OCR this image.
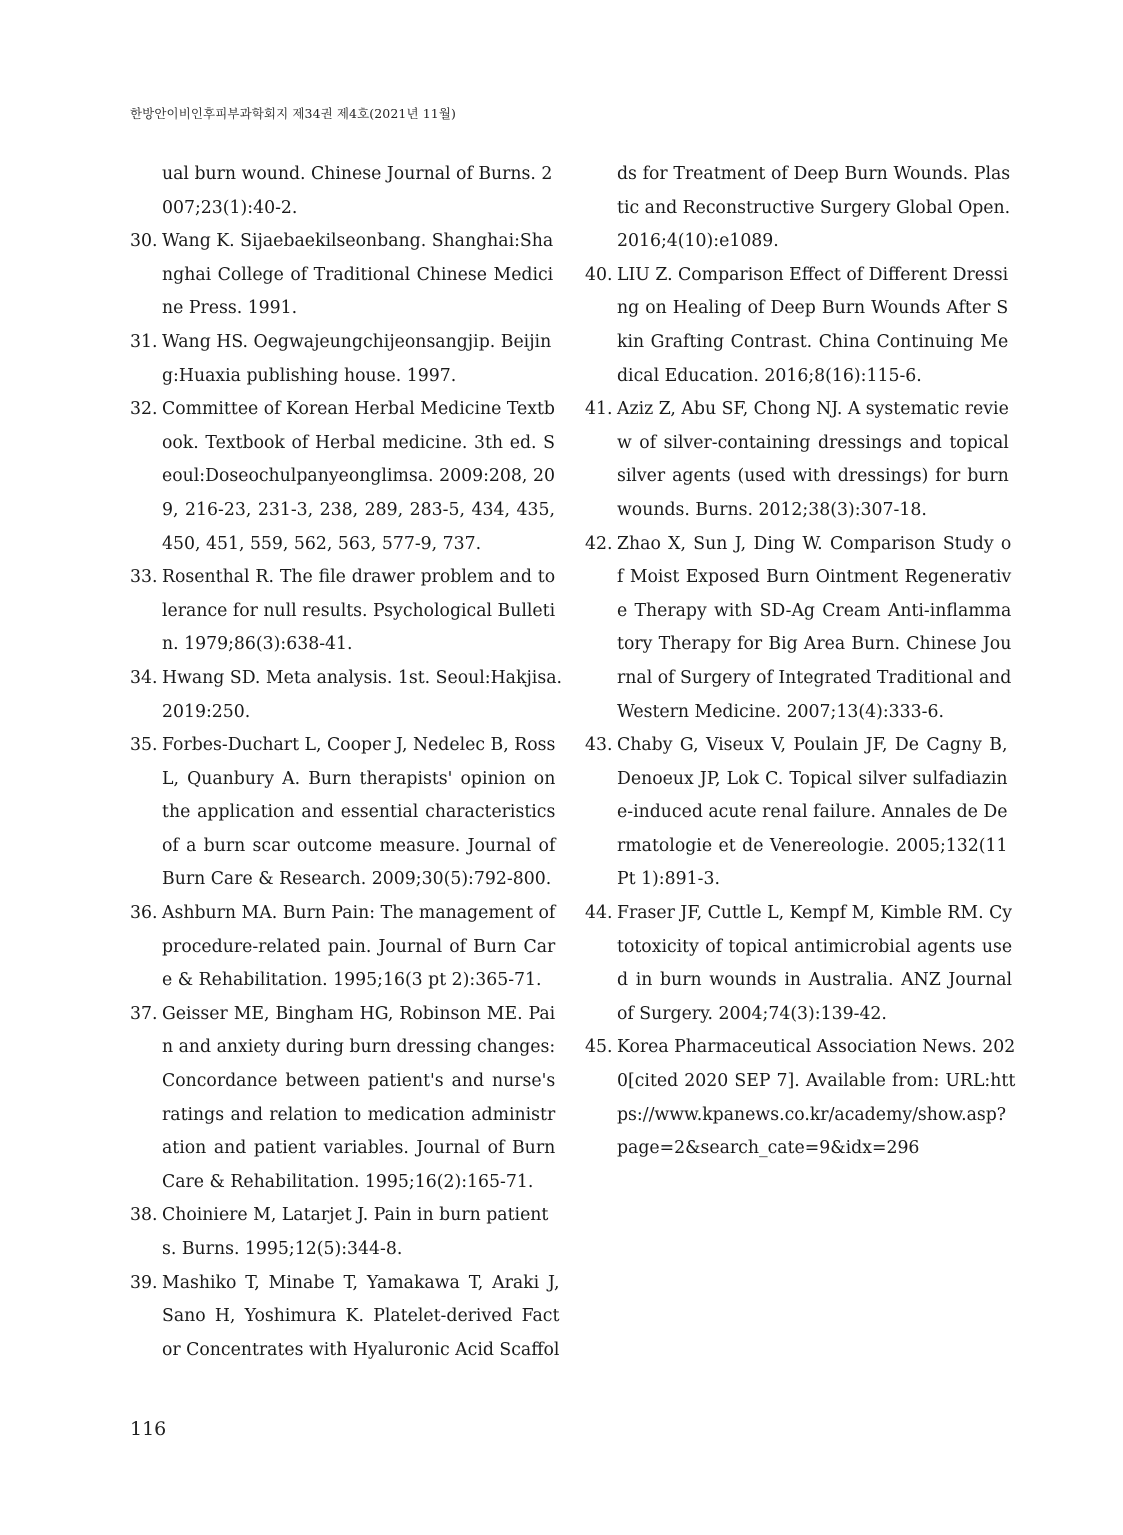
한방안이비인후피부과학회지 제34권 제4호(2021년 11월)
ual burn wound. Chinese Journal of Burns. 2
007;23(1):40-2.
30. Wang K. Sijaebaekilseonbang. Shanghai:Sha
nghai College of Traditional Chinese Medici
ne Press. 1991.
31. Wang HS. Oegwajeungchijeonsangjip. Beijin
g:Huaxia publishing house. 1997.
32. Committee of Korean Herbal Medicine Textb
ook. Textbook of Herbal medicine. 3th ed. S
eoul:Doseochulpanyeonglimsa. 2009:208, 20
9, 216-23, 231-3, 238, 289, 283-5, 434, 435,
450, 451, 559, 562, 563, 577-9, 737.
33. Rosenthal R. The file drawer problem and to
lerance for null results. Psychological Bulleti
n. 1979;86(3):638-41.
34. Hwang SD. Meta analysis. 1st. Seoul:Hakjisa.
2019:250.
35. Forbes-Duchart L, Cooper J, Nedelec B, Ross
L, Quanbury A. Burn therapists' opinion on
the application and essential characteristics
of a burn scar outcome measure. Journal of
Burn Care & Research. 2009;30(5):792-800.
36. Ashburn MA. Burn Pain: The management of
procedure-related pain. Journal of Burn Car
e & Rehabilitation. 1995;16(3 pt 2):365-71.
37. Geisser ME, Bingham HG, Robinson ME. Pai
n and anxiety during burn dressing changes:
Concordance between patient's and nurse's
ratings and relation to medication administr
ation and patient variables. Journal of Burn
Care & Rehabilitation. 1995;16(2):165-71.
38. Choiniere M, Latarjet J. Pain in burn patient
s. Burns. 1995;12(5):344-8.
39. Mashiko T, Minabe T, Yamakawa T, Araki J,
Sano H, Yoshimura K. Platelet-derived Fact
or Concentrates with Hyaluronic Acid Scaffol
ds for Treatment of Deep Burn Wounds. Plas
tic and Reconstructive Surgery Global Open.
2016;4(10):e1089.
40. LIU Z. Comparison Effect of Different Dressi
ng on Healing of Deep Burn Wounds After S
kin Grafting Contrast. China Continuing Me
dical Education. 2016;8(16):115-6.
41. Aziz Z, Abu SF, Chong NJ. A systematic revie
w of silver-containing dressings and topical
silver agents (used with dressings) for burn
wounds. Burns. 2012;38(3):307-18.
42. Zhao X, Sun J, Ding W. Comparison Study o
f Moist Exposed Burn Ointment Regenerativ
e Therapy with SD-Ag Cream Anti-inflamma
tory Therapy for Big Area Burn. Chinese Jou
rnal of Surgery of Integrated Traditional and
Western Medicine. 2007;13(4):333-6.
43. Chaby G, Viseux V, Poulain JF, De Cagny B,
Denoeux JP, Lok C. Topical silver sulfadiazin
e-induced acute renal failure. Annales de De
rmatologie et de Venereologie. 2005;132(11
Pt 1):891-3.
44. Fraser JF, Cuttle L, Kempf M, Kimble RM. Cy
totoxicity of topical antimicrobial agents use
d in burn wounds in Australia. ANZ Journal
of Surgery. 2004;74(3):139-42.
45. Korea Pharmaceutical Association News. 202
0[cited 2020 SEP 7]. Available from: URL:htt
ps://www.kpanews.co.kr/academy/show.asp?
page=2&search_cate=9&idx=296
116
